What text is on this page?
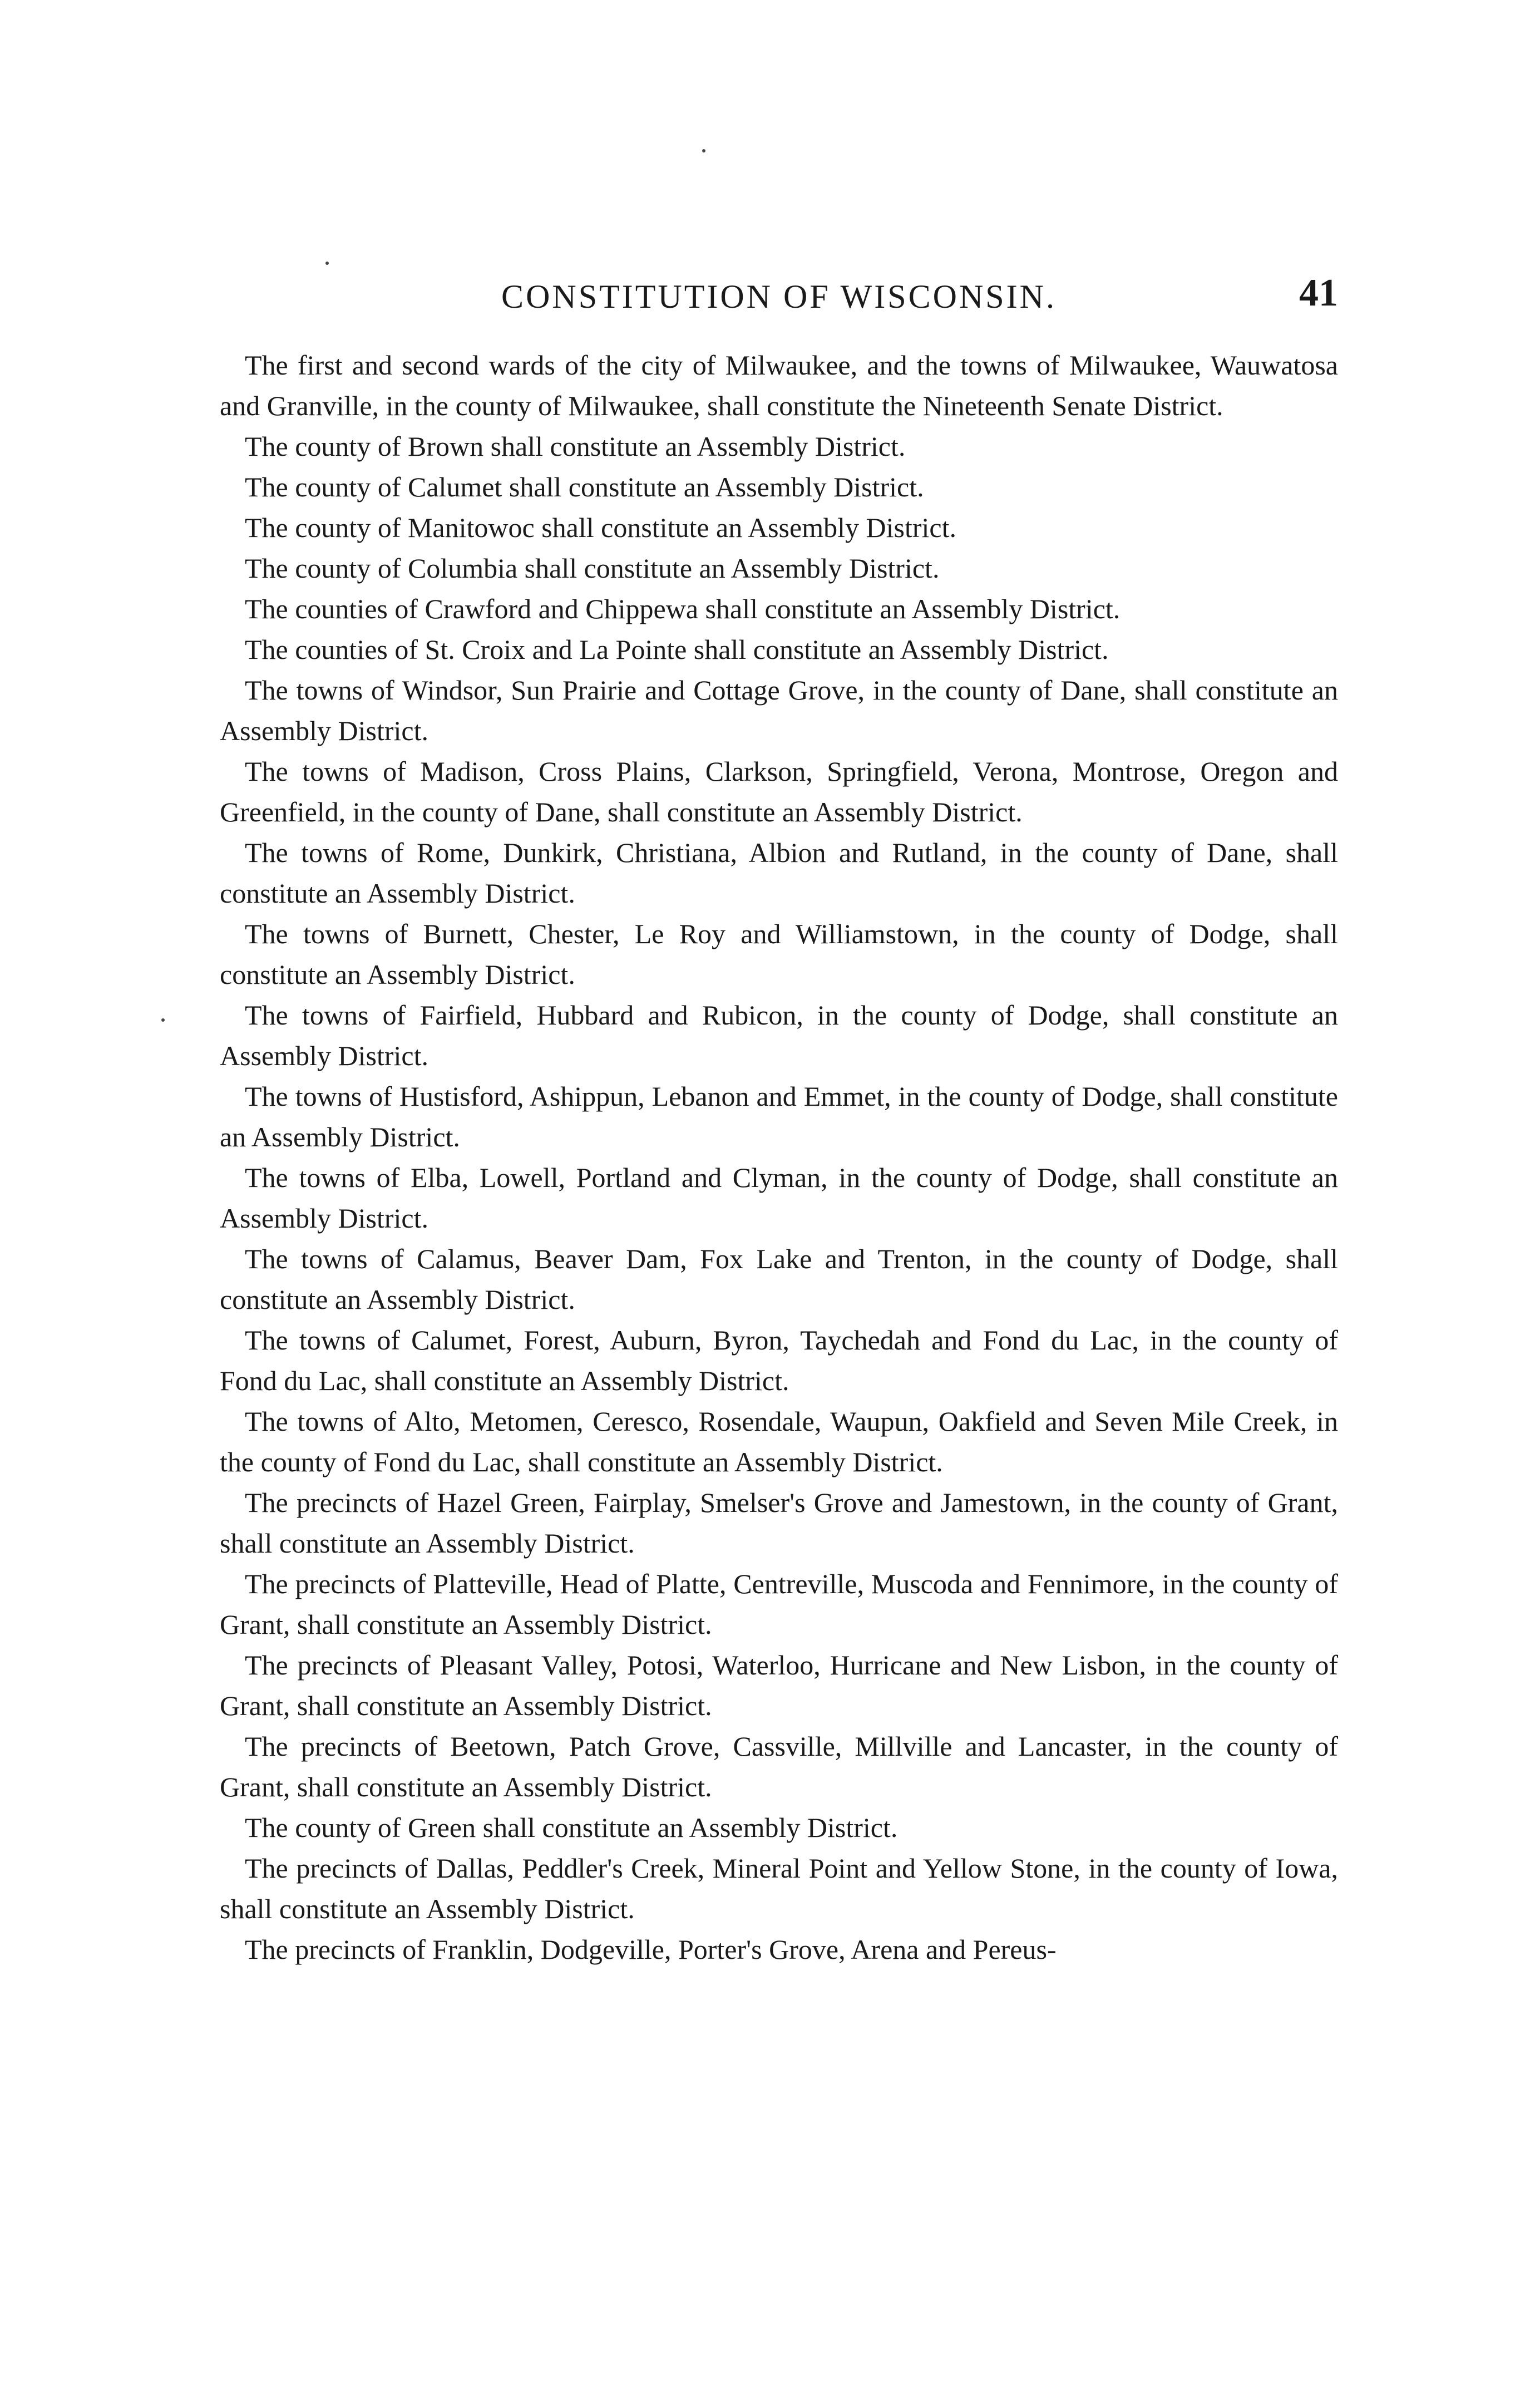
CONSTITUTION OF WISCONSIN.	41

The first and second wards of the city of Milwaukee, and the towns of Milwaukee, Wauwatosa and Granville, in the county of Milwaukee, shall constitute the Nineteenth Senate District.

The county of Brown shall constitute an Assembly District.

The county of Calumet shall constitute an Assembly District.

The county of Manitowoc shall constitute an Assembly District.

The county of Columbia shall constitute an Assembly District.

The counties of Crawford and Chippewa shall constitute an Assembly District.

The counties of St. Croix and La Pointe shall constitute an Assembly District.

The towns of Windsor, Sun Prairie and Cottage Grove, in the county of Dane, shall constitute an Assembly District.

The towns of Madison, Cross Plains, Clarkson, Springfield, Verona, Montrose, Oregon and Greenfield, in the county of Dane, shall constitute an Assembly District.

The towns of Rome, Dunkirk, Christiana, Albion and Rutland, in the county of Dane, shall constitute an Assembly District.

The towns of Burnett, Chester, Le Roy and Williamstown, in the county of Dodge, shall constitute an Assembly District.

The towns of Fairfield, Hubbard and Rubicon, in the county of Dodge, shall constitute an Assembly District.

The towns of Hustisford, Ashippun, Lebanon and Emmet, in the county of Dodge, shall constitute an Assembly District.

The towns of Elba, Lowell, Portland and Clyman, in the county of Dodge, shall constitute an Assembly District.

The towns of Calamus, Beaver Dam, Fox Lake and Trenton, in the county of Dodge, shall constitute an Assembly District.

The towns of Calumet, Forest, Auburn, Byron, Taychedah and Fond du Lac, in the county of Fond du Lac, shall constitute an Assembly District.

The towns of Alto, Metomen, Ceresco, Rosendale, Waupun, Oakfield and Seven Mile Creek, in the county of Fond du Lac, shall constitute an Assembly District.

The precincts of Hazel Green, Fairplay, Smelser's Grove and Jamestown, in the county of Grant, shall constitute an Assembly District.

The precincts of Platteville, Head of Platte, Centreville, Muscoda and Fennimore, in the county of Grant, shall constitute an Assembly District.

The precincts of Pleasant Valley, Potosi, Waterloo, Hurricane and New Lisbon, in the county of Grant, shall constitute an Assembly District.

The precincts of Beetown, Patch Grove, Cassville, Millville and Lancaster, in the county of Grant, shall constitute an Assembly District.

The county of Green shall constitute an Assembly District.

The precincts of Dallas, Peddler's Creek, Mineral Point and Yellow Stone, in the county of Iowa, shall constitute an Assembly District.

The precincts of Franklin, Dodgeville, Porter's Grove, Arena and Pereus-
